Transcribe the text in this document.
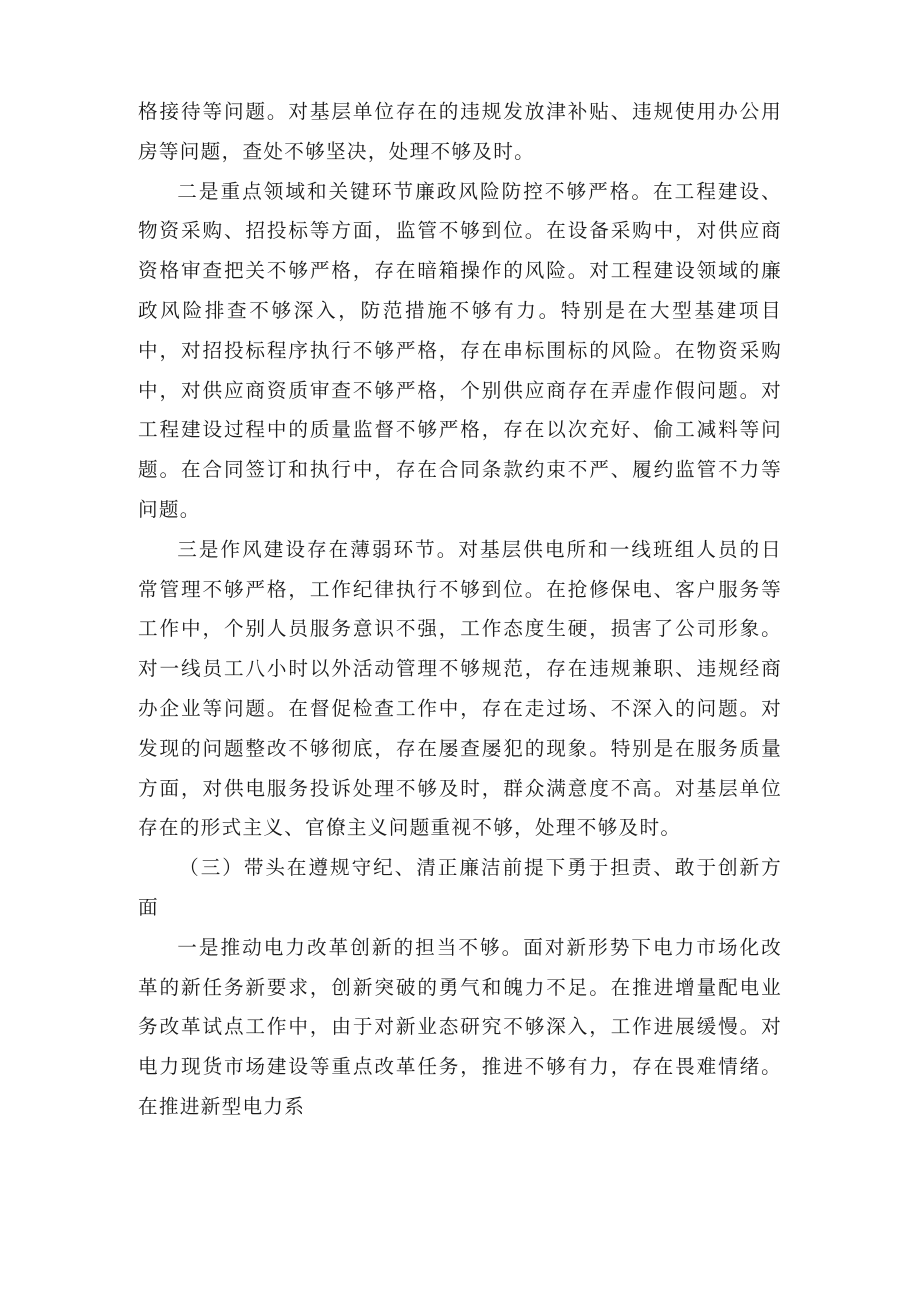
格接待等问题。对基层单位存在的违规发放津补贴、违规使用办公用房等问题，查处不够坚决，处理不够及时。

二是重点领域和关键环节廉政风险防控不够严格。在工程建设、物资采购、招投标等方面，监管不够到位。在设备采购中，对供应商资格审查把关不够严格，存在暗箱操作的风险。对工程建设领域的廉政风险排查不够深入，防范措施不够有力。特别是在大型基建项目中，对招投标程序执行不够严格，存在串标围标的风险。在物资采购中，对供应商资质审查不够严格，个别供应商存在弄虚作假问题。对工程建设过程中的质量监督不够严格，存在以次充好、偷工减料等问题。在合同签订和执行中，存在合同条款约束不严、履约监管不力等问题。

三是作风建设存在薄弱环节。对基层供电所和一线班组人员的日常管理不够严格，工作纪律执行不够到位。在抢修保电、客户服务等工作中，个别人员服务意识不强，工作态度生硬，损害了公司形象。对一线员工八小时以外活动管理不够规范，存在违规兼职、违规经商办企业等问题。在督促检查工作中，存在走过场、不深入的问题。对发现的问题整改不够彻底，存在屡查屡犯的现象。特别是在服务质量方面，对供电服务投诉处理不够及时，群众满意度不高。对基层单位存在的形式主义、官僚主义问题重视不够，处理不够及时。

（三）带头在遵规守纪、清正廉洁前提下勇于担责、敢于创新方面

一是推动电力改革创新的担当不够。面对新形势下电力市场化改革的新任务新要求，创新突破的勇气和魄力不足。在推进增量配电业务改革试点工作中，由于对新业态研究不够深入，工作进展缓慢。对电力现货市场建设等重点改革任务，推进不够有力，存在畏难情绪。在推进新型电力系
